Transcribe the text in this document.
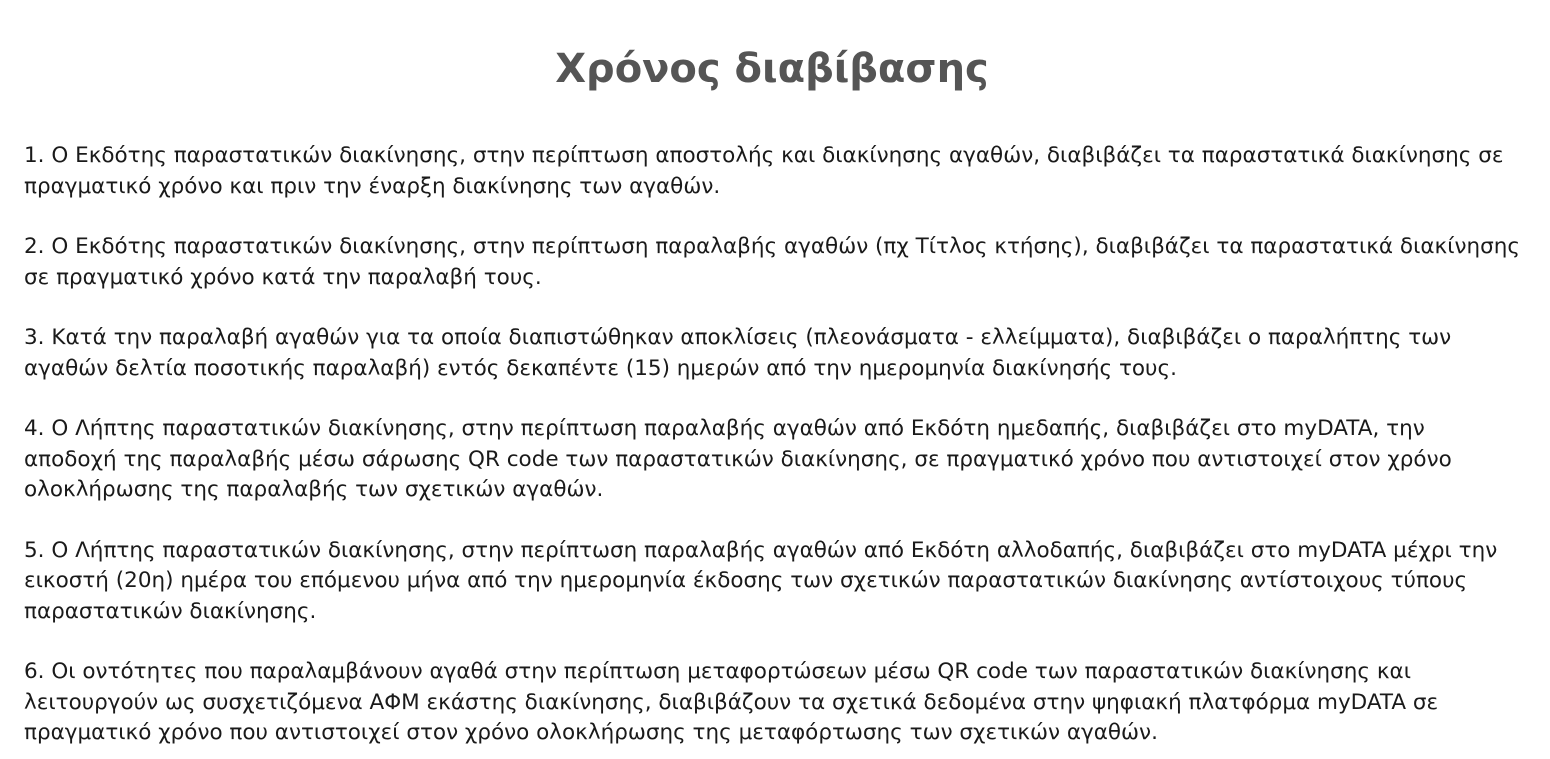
Χρόνος διαβίβασης
1. Ο Εκδότης παραστατικών διακίνησης, στην περίπτωση αποστολής και διακίνησης αγαθών, διαβιβάζει τα παραστατικά διακίνησης σε πραγματικό χρόνο και πριν την έναρξη διακίνησης των αγαθών.
2. Ο Εκδότης παραστατικών διακίνησης, στην περίπτωση παραλαβής αγαθών (πχ Τίτλος κτήσης), διαβιβάζει τα παραστατικά διακίνησης σε πραγματικό χρόνο κατά την παραλαβή τους.
3. Κατά την παραλαβή αγαθών για τα οποία διαπιστώθηκαν αποκλίσεις (πλεονάσματα - ελλείμματα), διαβιβάζει ο παραλήπτης των αγαθών δελτία ποσοτικής παραλαβή) εντός δεκαπέντε (15) ημερών από την ημερομηνία διακίνησής τους.
4. Ο Λήπτης παραστατικών διακίνησης, στην περίπτωση παραλαβής αγαθών από Εκδότη ημεδαπής, διαβιβάζει στο myDATA, την αποδοχή της παραλαβής μέσω σάρωσης QR code των παραστατικών διακίνησης, σε πραγματικό χρόνο που αντιστοιχεί στον χρόνο ολοκλήρωσης της παραλαβής των σχετικών αγαθών.
5. Ο Λήπτης παραστατικών διακίνησης, στην περίπτωση παραλαβής αγαθών από Εκδότη αλλοδαπής, διαβιβάζει στο myDATA μέχρι την εικοστή (20η) ημέρα του επόμενου μήνα από την ημερομηνία έκδοσης των σχετικών παραστατικών διακίνησης αντίστοιχους τύπους παραστατικών διακίνησης.
6. Οι οντότητες που παραλαμβάνουν αγαθά στην περίπτωση μεταφορτώσεων μέσω QR code των παραστατικών διακίνησης και λειτουργούν ως συσχετιζόμενα ΑΦΜ εκάστης διακίνησης, διαβιβάζουν τα σχετικά δεδομένα στην ψηφιακή πλατφόρμα myDATA σε πραγματικό χρόνο που αντιστοιχεί στον χρόνο ολοκλήρωσης της μεταφόρτωσης των σχετικών αγαθών.
